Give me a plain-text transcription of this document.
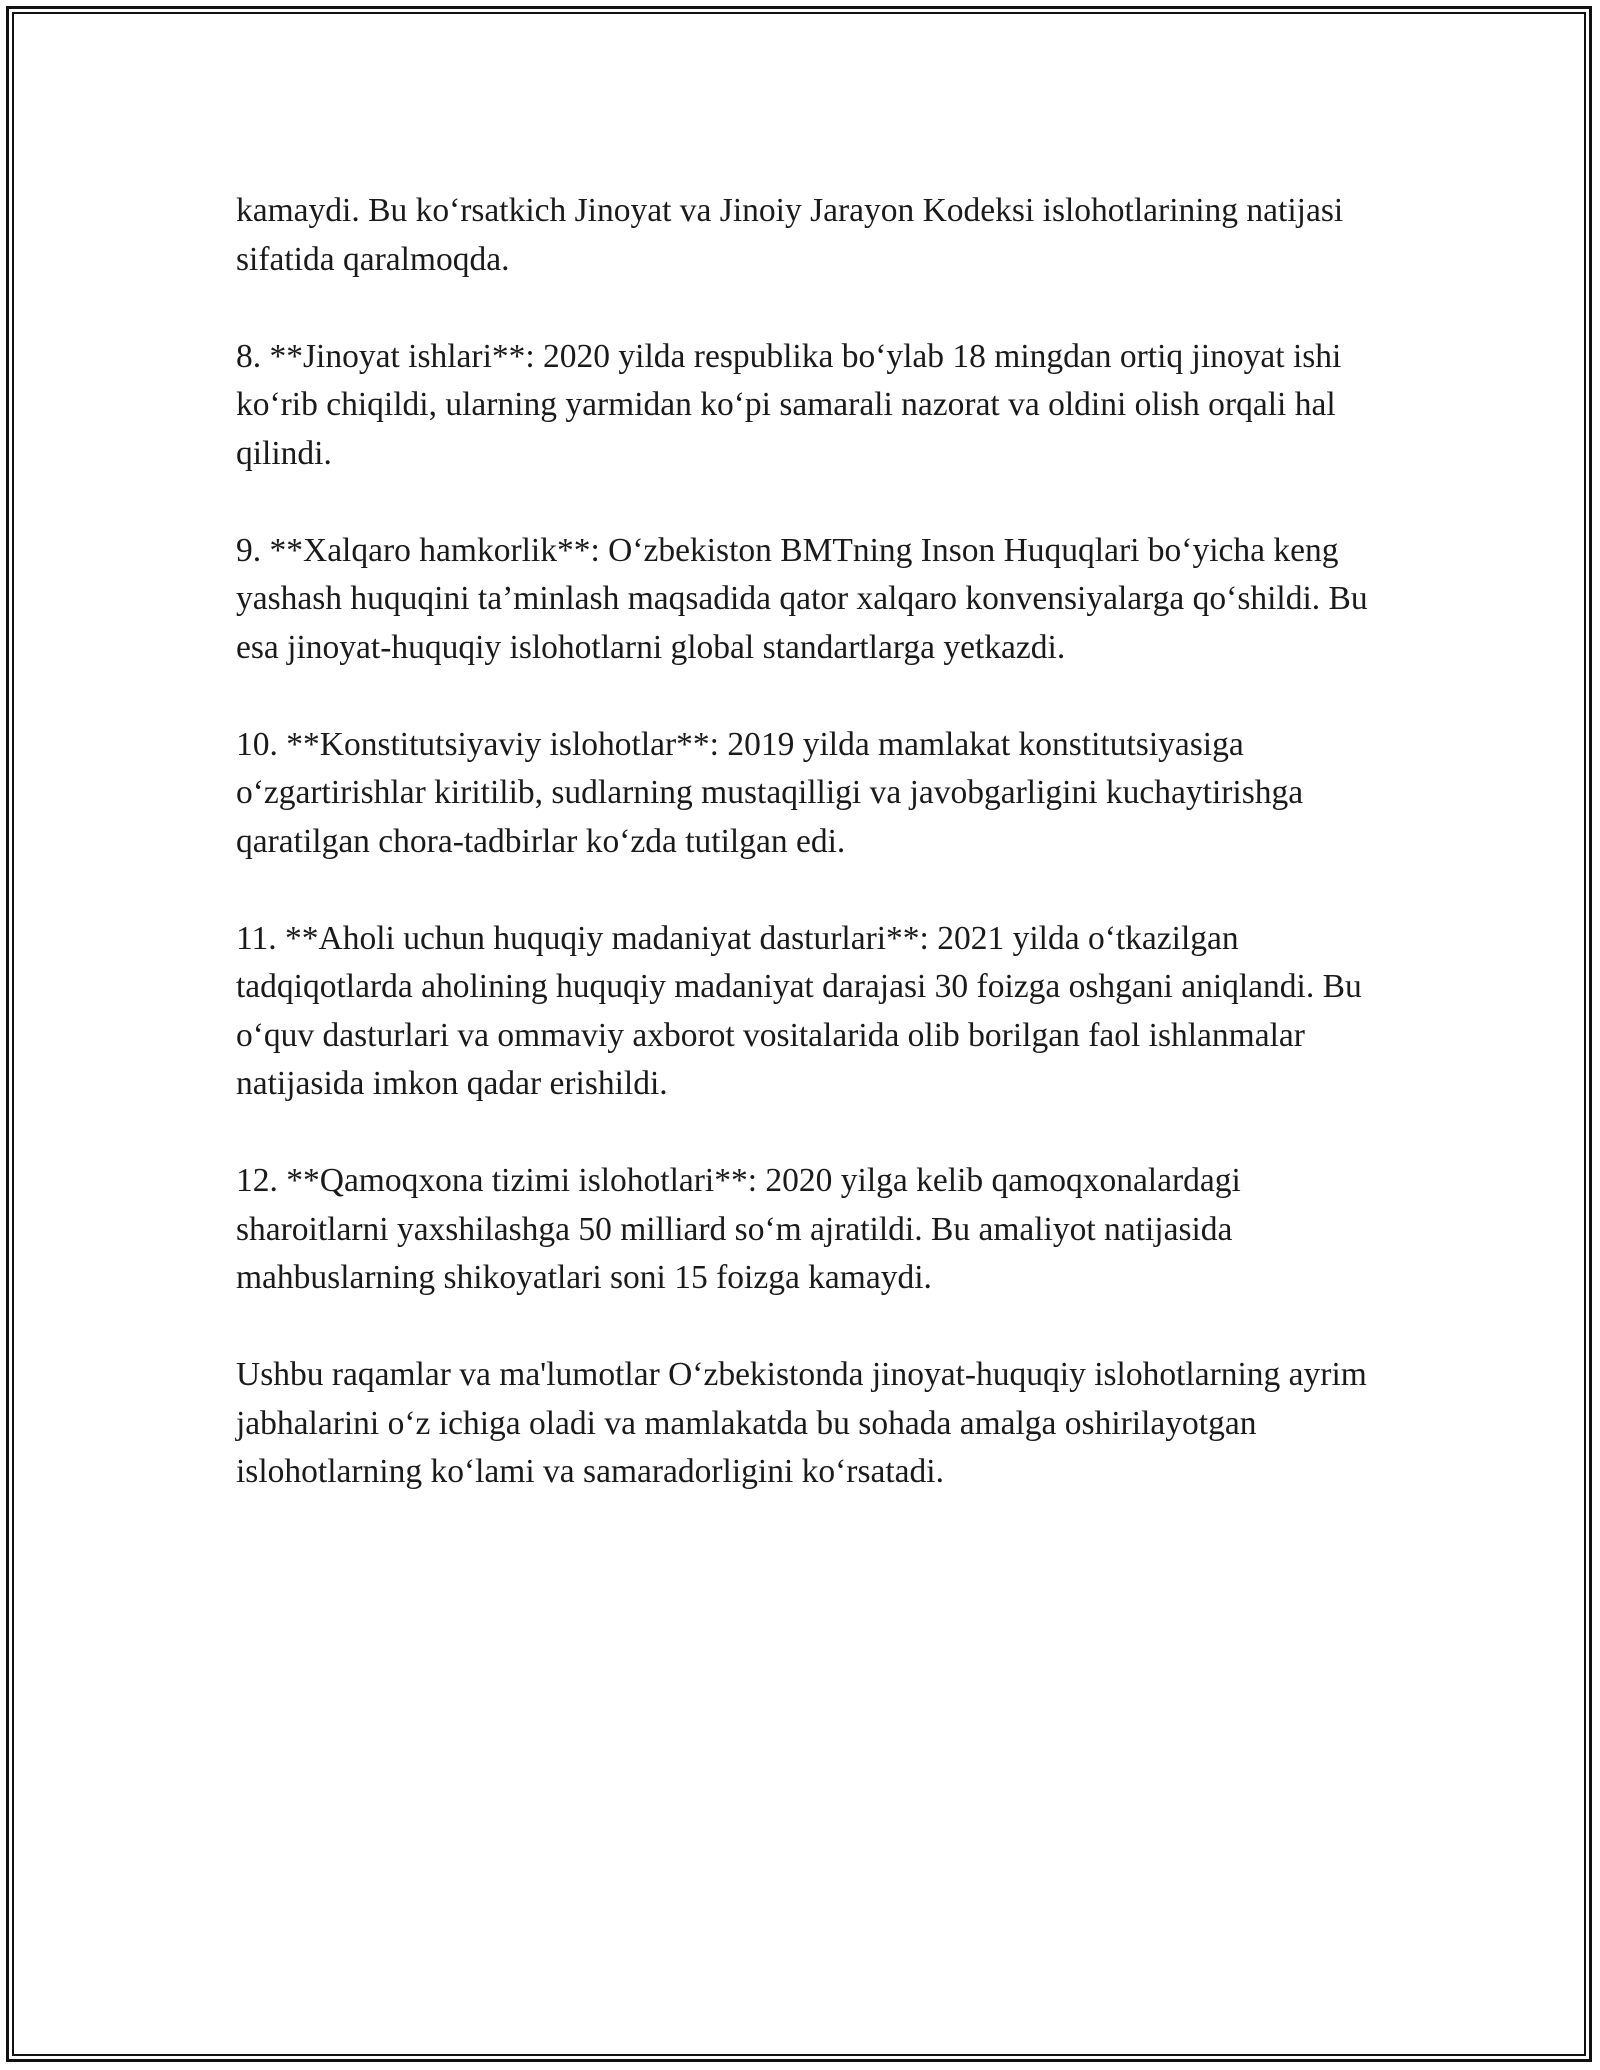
kamaydi. Bu ko‘rsatkich Jinoyat va Jinoiy Jarayon Kodeksi islohotlarining natijasi sifatida qaralmoqda.

8. **Jinoyat ishlari**: 2020 yilda respublika bo‘ylab 18 mingdan ortiq jinoyat ishi ko‘rib chiqildi, ularning yarmidan ko‘pi samarali nazorat va oldini olish orqali hal qilindi.

9. **Xalqaro hamkorlik**: O‘zbekiston BMTning Inson Huquqlari bo‘yicha keng yashash huquqini ta’minlash maqsadida qator xalqaro konvensiyalarga qo‘shildi. Bu esa jinoyat-huquqiy islohotlarni global standartlarga yetkazdi.

10. **Konstitutsiyaviy islohotlar**: 2019 yilda mamlakat konstitutsiyasiga o‘zgartirishlar kiritilib, sudlarning mustaqilligi va javobgarligini kuchaytirishga qaratilgan chora-tadbirlar ko‘zda tutilgan edi.

11. **Aholi uchun huquqiy madaniyat dasturlari**: 2021 yilda o‘tkazilgan tadqiqotlarda aholining huquqiy madaniyat darajasi 30 foizga oshgani aniqlandi. Bu o‘quv dasturlari va ommaviy axborot vositalarida olib borilgan faol ishlanmalar natijasida imkon qadar erishildi.

12. **Qamoqxona tizimi islohotlari**: 2020 yilga kelib qamoqxonalardagi sharoitlarni yaxshilashga 50 milliard so‘m ajratildi. Bu amaliyot natijasida mahbuslarning shikoyatlari soni 15 foizga kamaydi.

Ushbu raqamlar va ma'lumotlar O‘zbekistonda jinoyat-huquqiy islohotlarning ayrim jabhalarini o‘z ichiga oladi va mamlakatda bu sohada amalga oshirilayotgan islohotlarning ko‘lami va samaradorligini ko‘rsatadi.
